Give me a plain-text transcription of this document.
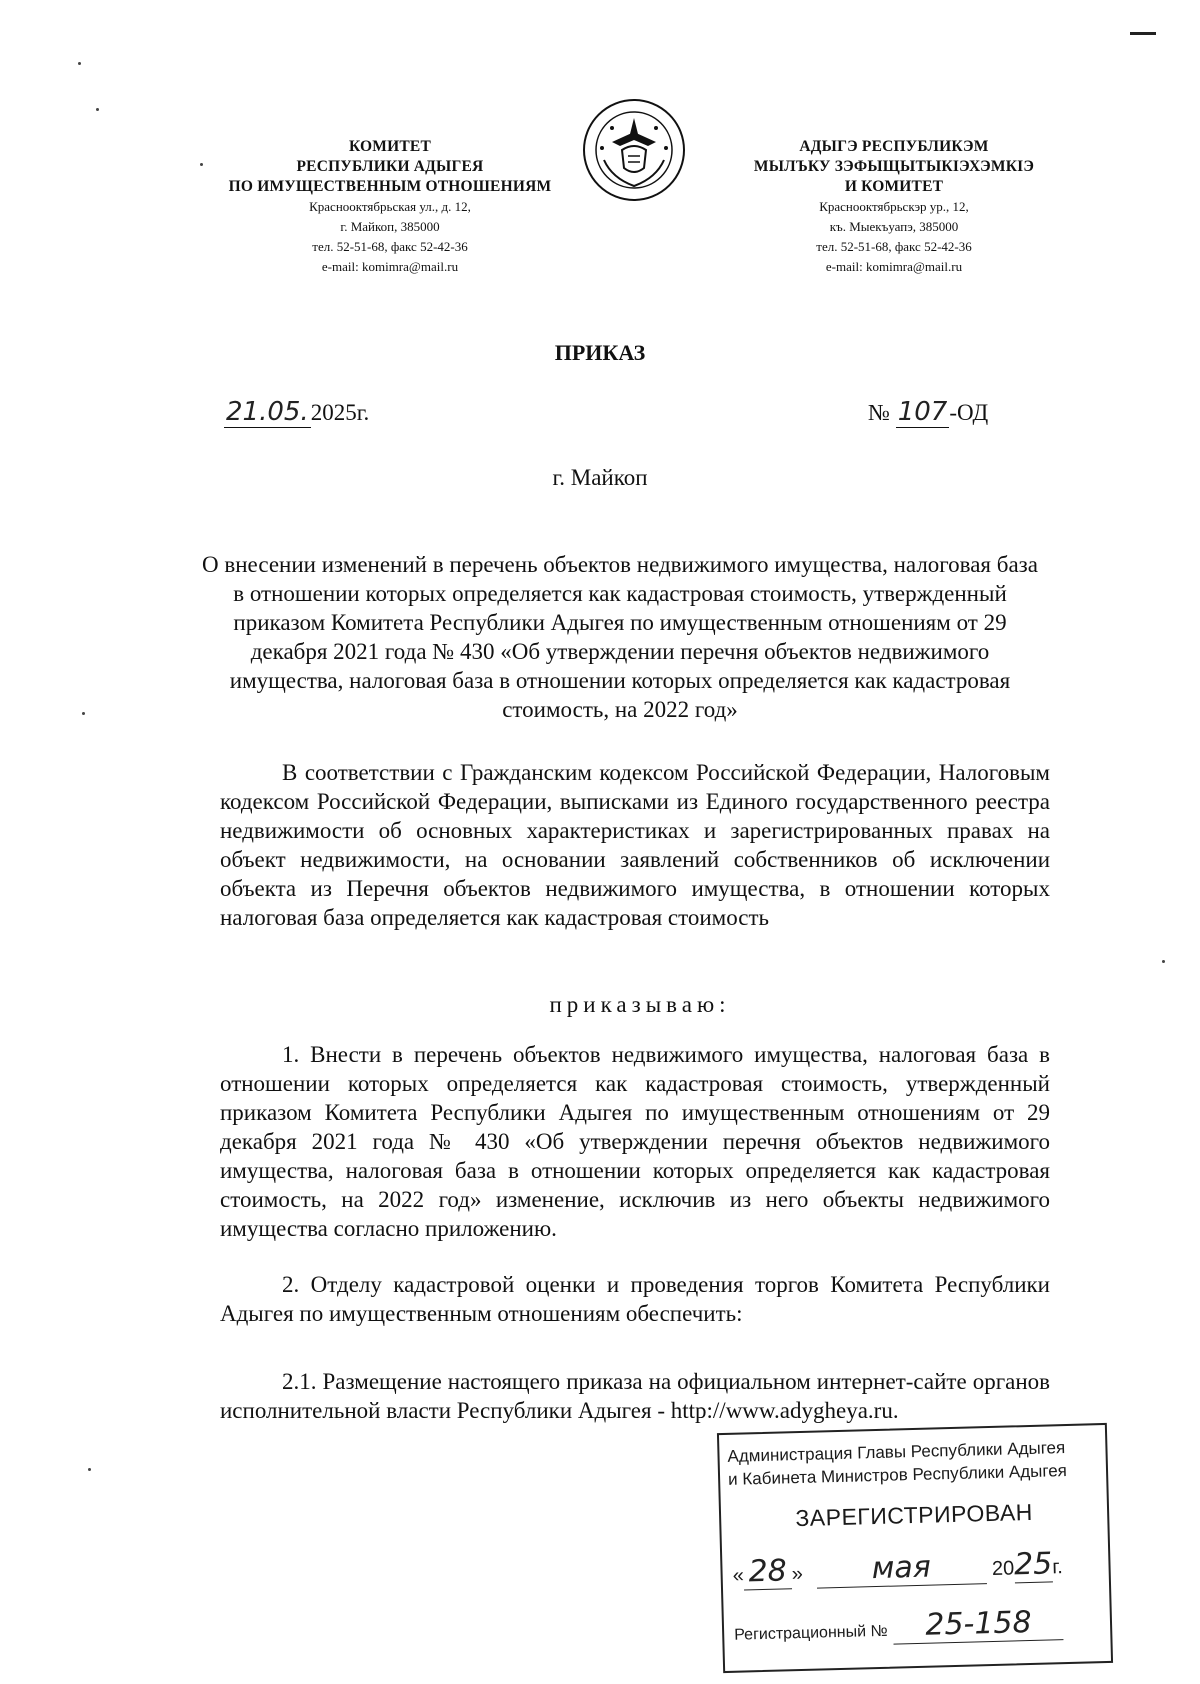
КОМИТЕТ
РЕСПУБЛИКИ АДЫГЕЯ
ПО ИМУЩЕСТВЕННЫМ ОТНОШЕНИЯМ
Краснооктябрьская ул., д. 12,
г. Майкоп, 385000
тел. 52-51-68, факс 52-42-36
e-mail: komimra@mail.ru
АДЫГЭ РЕСПУБЛИКЭМ
МЫЛЪКУ ЗЭФЫЩЫТЫКІЭХЭМКІЭ
И КОМИТЕТ
Краснооктябрьскэр ур., 12,
къ. Мыекъуапэ, 385000
тел. 52-51-68, факс 52-42-36
e-mail: komimra@mail.ru
ПРИКАЗ
21.05.2025г.	№ 107-ОД
г. Майкоп
О внесении изменений в перечень объектов недвижимого имущества, налоговая база в отношении которых определяется как кадастровая стоимость, утвержденный приказом Комитета Республики Адыгея по имущественным отношениям от 29 декабря 2021 года № 430 «Об утверждении перечня объектов недвижимого имущества, налоговая база в отношении которых определяется как кадастровая стоимость, на 2022 год»
В соответствии с Гражданским кодексом Российской Федерации, Налоговым кодексом Российской Федерации, выписками из Единого государственного реестра недвижимости об основных характеристиках и зарегистрированных правах на объект недвижимости, на основании заявлений собственников об исключении объекта из Перечня объектов недвижимого имущества, в отношении которых налоговая база определяется как кадастровая стоимость
приказываю:
1. Внести в перечень объектов недвижимого имущества, налоговая база в отношении которых определяется как кадастровая стоимость, утвержденный приказом Комитета Республики Адыгея по имущественным отношениям от 29 декабря 2021 года № 430 «Об утверждении перечня объектов недвижимого имущества, налоговая база в отношении которых определяется как кадастровая стоимость, на 2022 год» изменение, исключив из него объекты недвижимого имущества согласно приложению.
2. Отделу кадастровой оценки и проведения торгов Комитета Республики Адыгея по имущественным отношениям обеспечить:
2.1. Размещение настоящего приказа на официальном интернет-сайте органов исполнительной власти Республики Адыгея - http://www.adygheya.ru.
Администрация Главы Республики Адыгея
и Кабинета Министров Республики Адыгея
ЗАРЕГИСТРИРОВАН
« 28 » мая	2025г.
Регистрационный № 25-158
